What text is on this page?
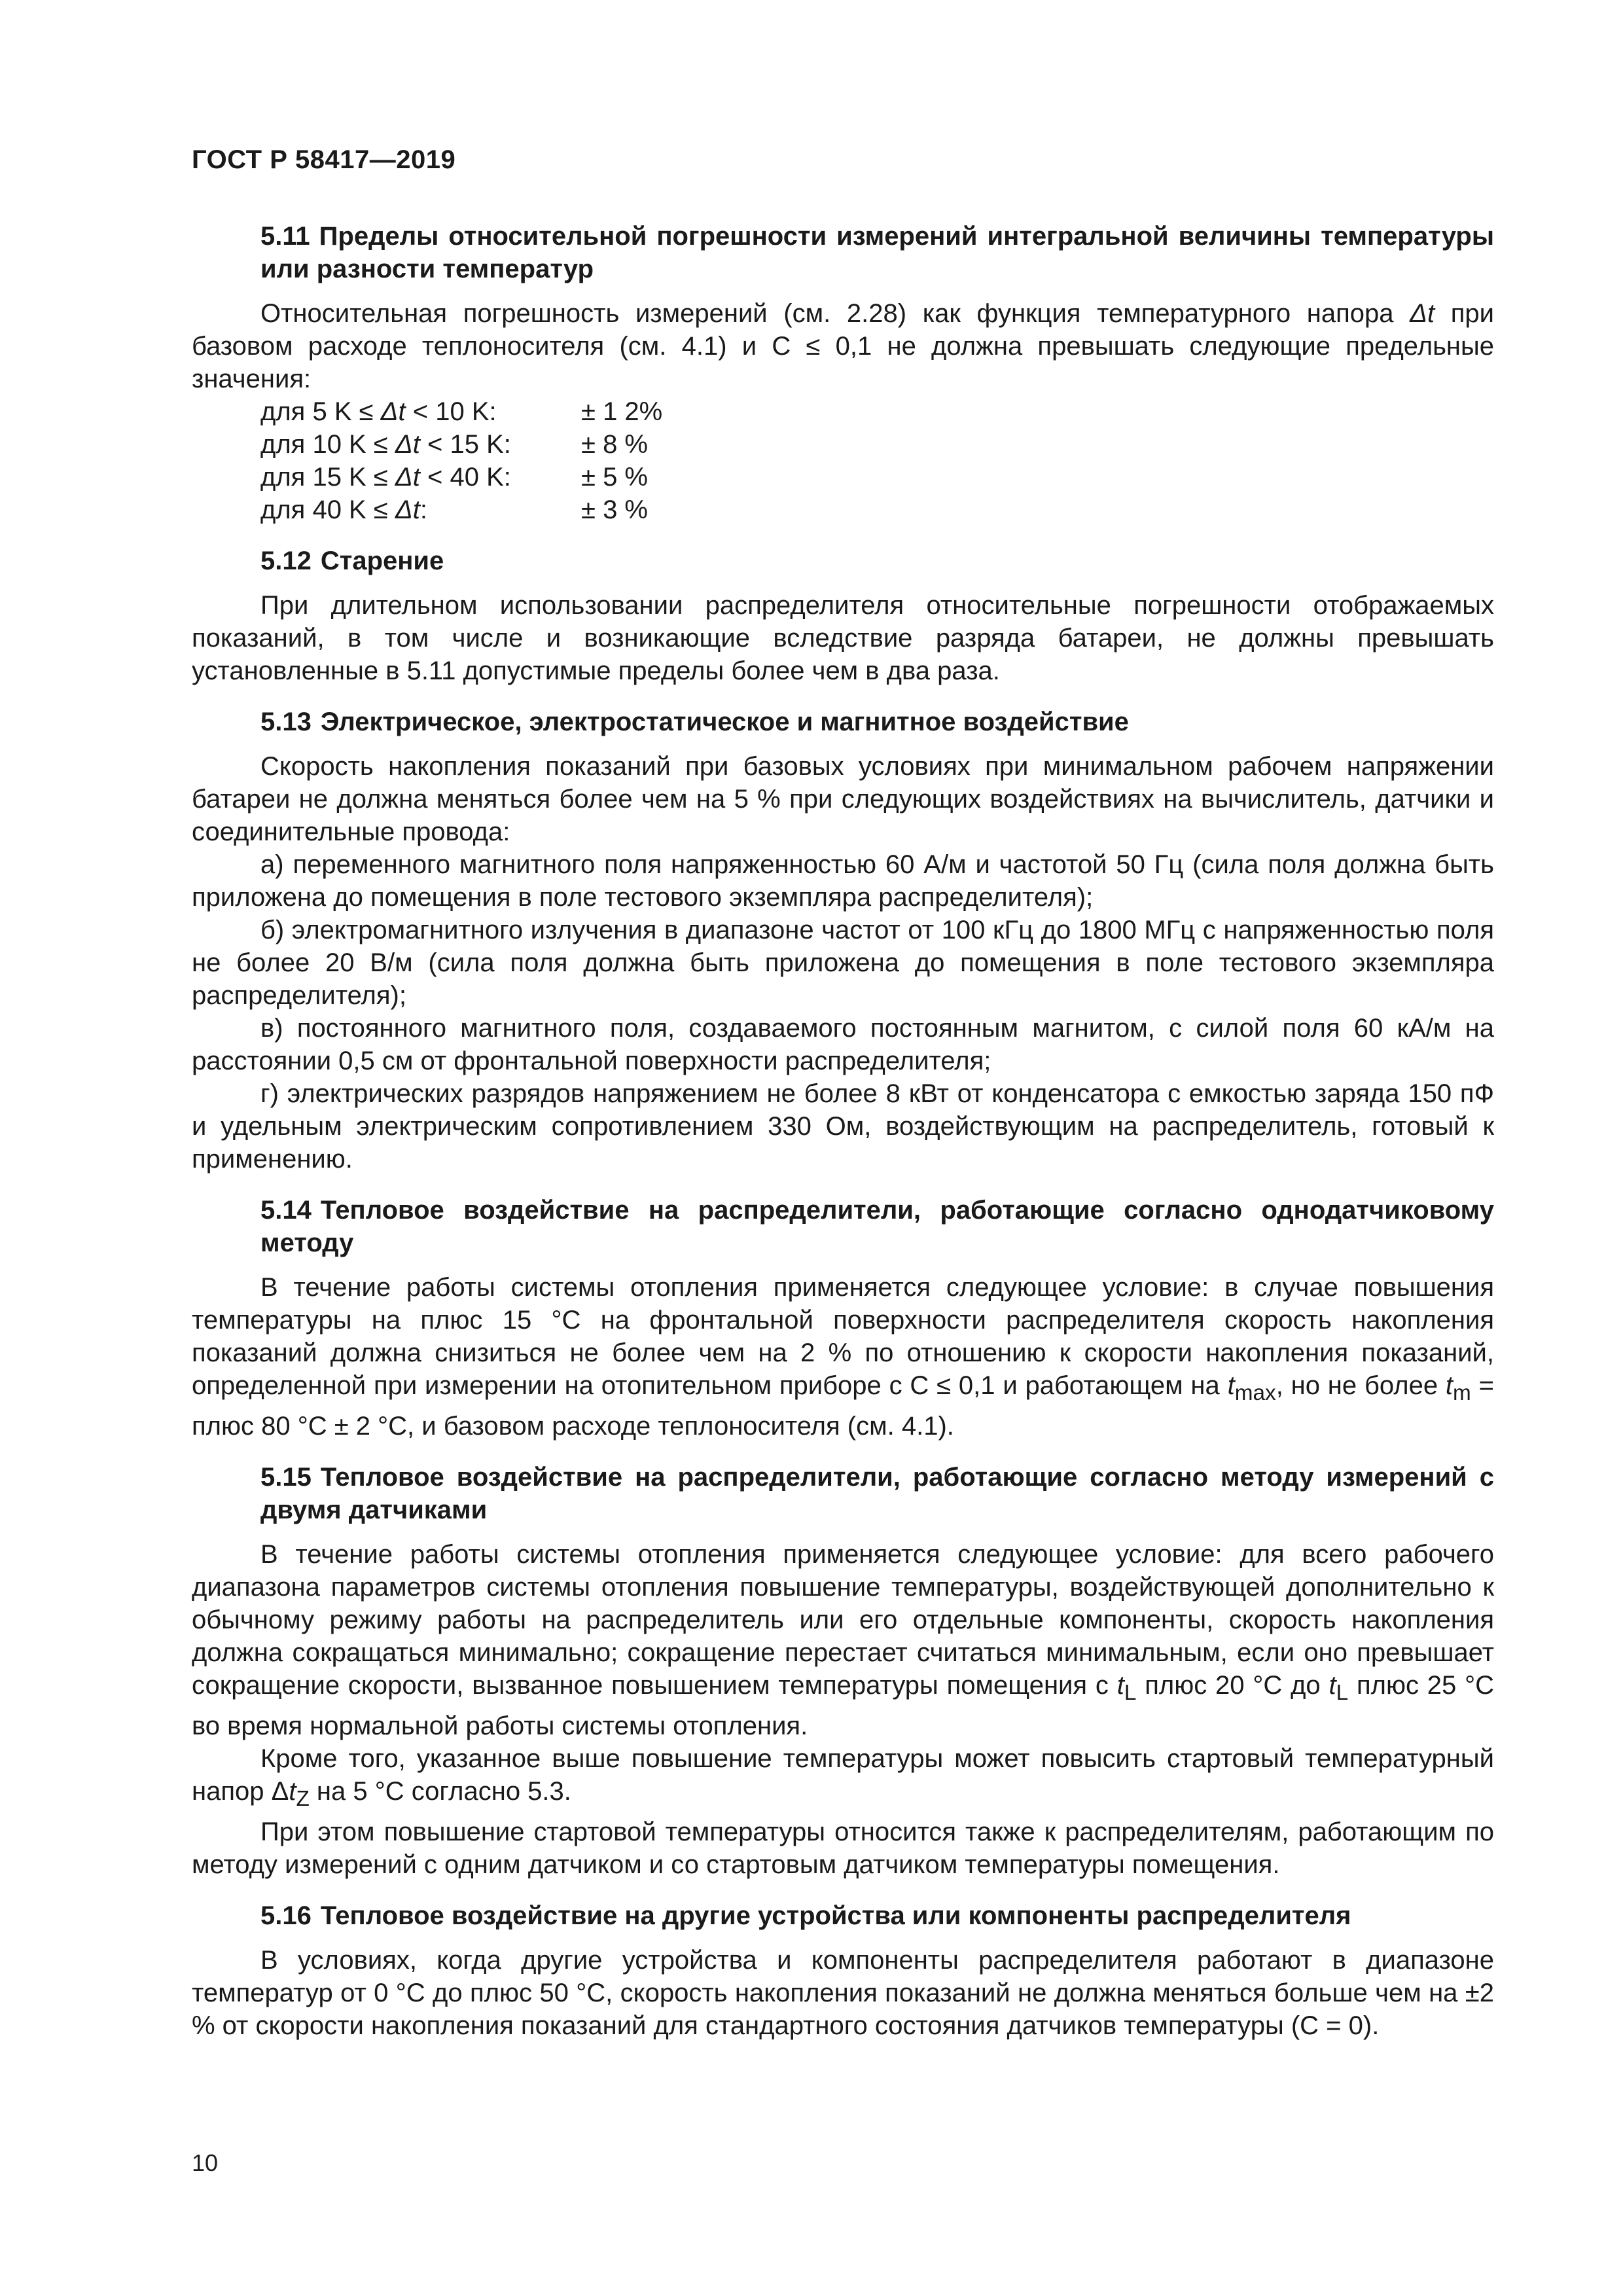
ГОСТ Р 58417—2019
5.11 Пределы относительной погрешности измерений интегральной величины температуры или разности температур

Относительная погрешность измерений (см. 2.28) как функция температурного напора Δt при базовом расходе теплоносителя (см. 4.1) и C ≤ 0,1 не должна превышать следующие предельные значения:

для 5 K ≤ Δt < 10 K:	± 1 2%
для 10 K ≤ Δt < 15 K:	± 8 %
для 15 K ≤ Δt < 40 K:	± 5 %
для 40 K ≤ Δt:	± 3 %
5.12 Старение

При длительном использовании распределителя относительные погрешности отображаемых показаний, в том числе и возникающие вследствие разряда батареи, не должны превышать установленные в 5.11 допустимые пределы более чем в два раза.

5.13 Электрическое, электростатическое и магнитное воздействие

Скорость накопления показаний при базовых условиях при минимальном рабочем напряжении батареи не должна меняться более чем на 5 % при следующих воздействиях на вычислитель, датчики и соединительные провода:

а) переменного магнитного поля напряженностью 60 А/м и частотой 50 Гц (сила поля должна быть приложена до помещения в поле тестового экземпляра распределителя);

б) электромагнитного излучения в диапазоне частот от 100 кГц до 1800 МГц с напряженностью поля не более 20 В/м (сила поля должна быть приложена до помещения в поле тестового экземпляра распределителя);

в) постоянного магнитного поля, создаваемого постоянным магнитом, с силой поля 60 кА/м на расстоянии 0,5 см от фронтальной поверхности распределителя;

г) электрических разрядов напряжением не более 8 кВт от конденсатора с емкостью заряда 150 пФ и удельным электрическим сопротивлением 330 Ом, воздействующим на распределитель, готовый к применению.

5.14 Тепловое воздействие на распределители, работающие согласно однодатчиковому методу

В течение работы системы отопления применяется следующее условие: в случае повышения температуры на плюс 15 °C на фронтальной поверхности распределителя скорость накопления показаний должна снизиться не более чем на 2 % по отношению к скорости накопления показаний, определенной при измерении на отопительном приборе с C ≤ 0,1 и работающем на $t_{max}$, но не более $t_m$ = плюс 80 °C ± 2 °C, и базовом расходе теплоносителя (см. 4.1).

5.15 Тепловое воздействие на распределители, работающие согласно методу измерений с двумя датчиками

В течение работы системы отопления применяется следующее условие: для всего рабочего диапазона параметров системы отопления повышение температуры, воздействующей дополнительно к обычному режиму работы на распределитель или его отдельные компоненты, скорость накопления должна сокращаться минимально; сокращение перестает считаться минимальным, если оно превышает сокращение скорости, вызванное повышением температуры помещения с $t_L$ плюс 20 °C до $t_L$ плюс 25 °C во время нормальной работы системы отопления.

Кроме того, указанное выше повышение температуры может повысить стартовый температурный напор $\Delta t_Z$ на 5 °C согласно 5.3.

При этом повышение стартовой температуры относится также к распределителям, работающим по методу измерений с одним датчиком и со стартовым датчиком температуры помещения.

5.16 Тепловое воздействие на другие устройства или компоненты распределителя

В условиях, когда другие устройства и компоненты распределителя работают в диапазоне температур от 0 °C до плюс 50 °C, скорость накопления показаний не должна меняться больше чем на ±2 % от скорости накопления показаний для стандартного состояния датчиков температуры (C = 0).

10
